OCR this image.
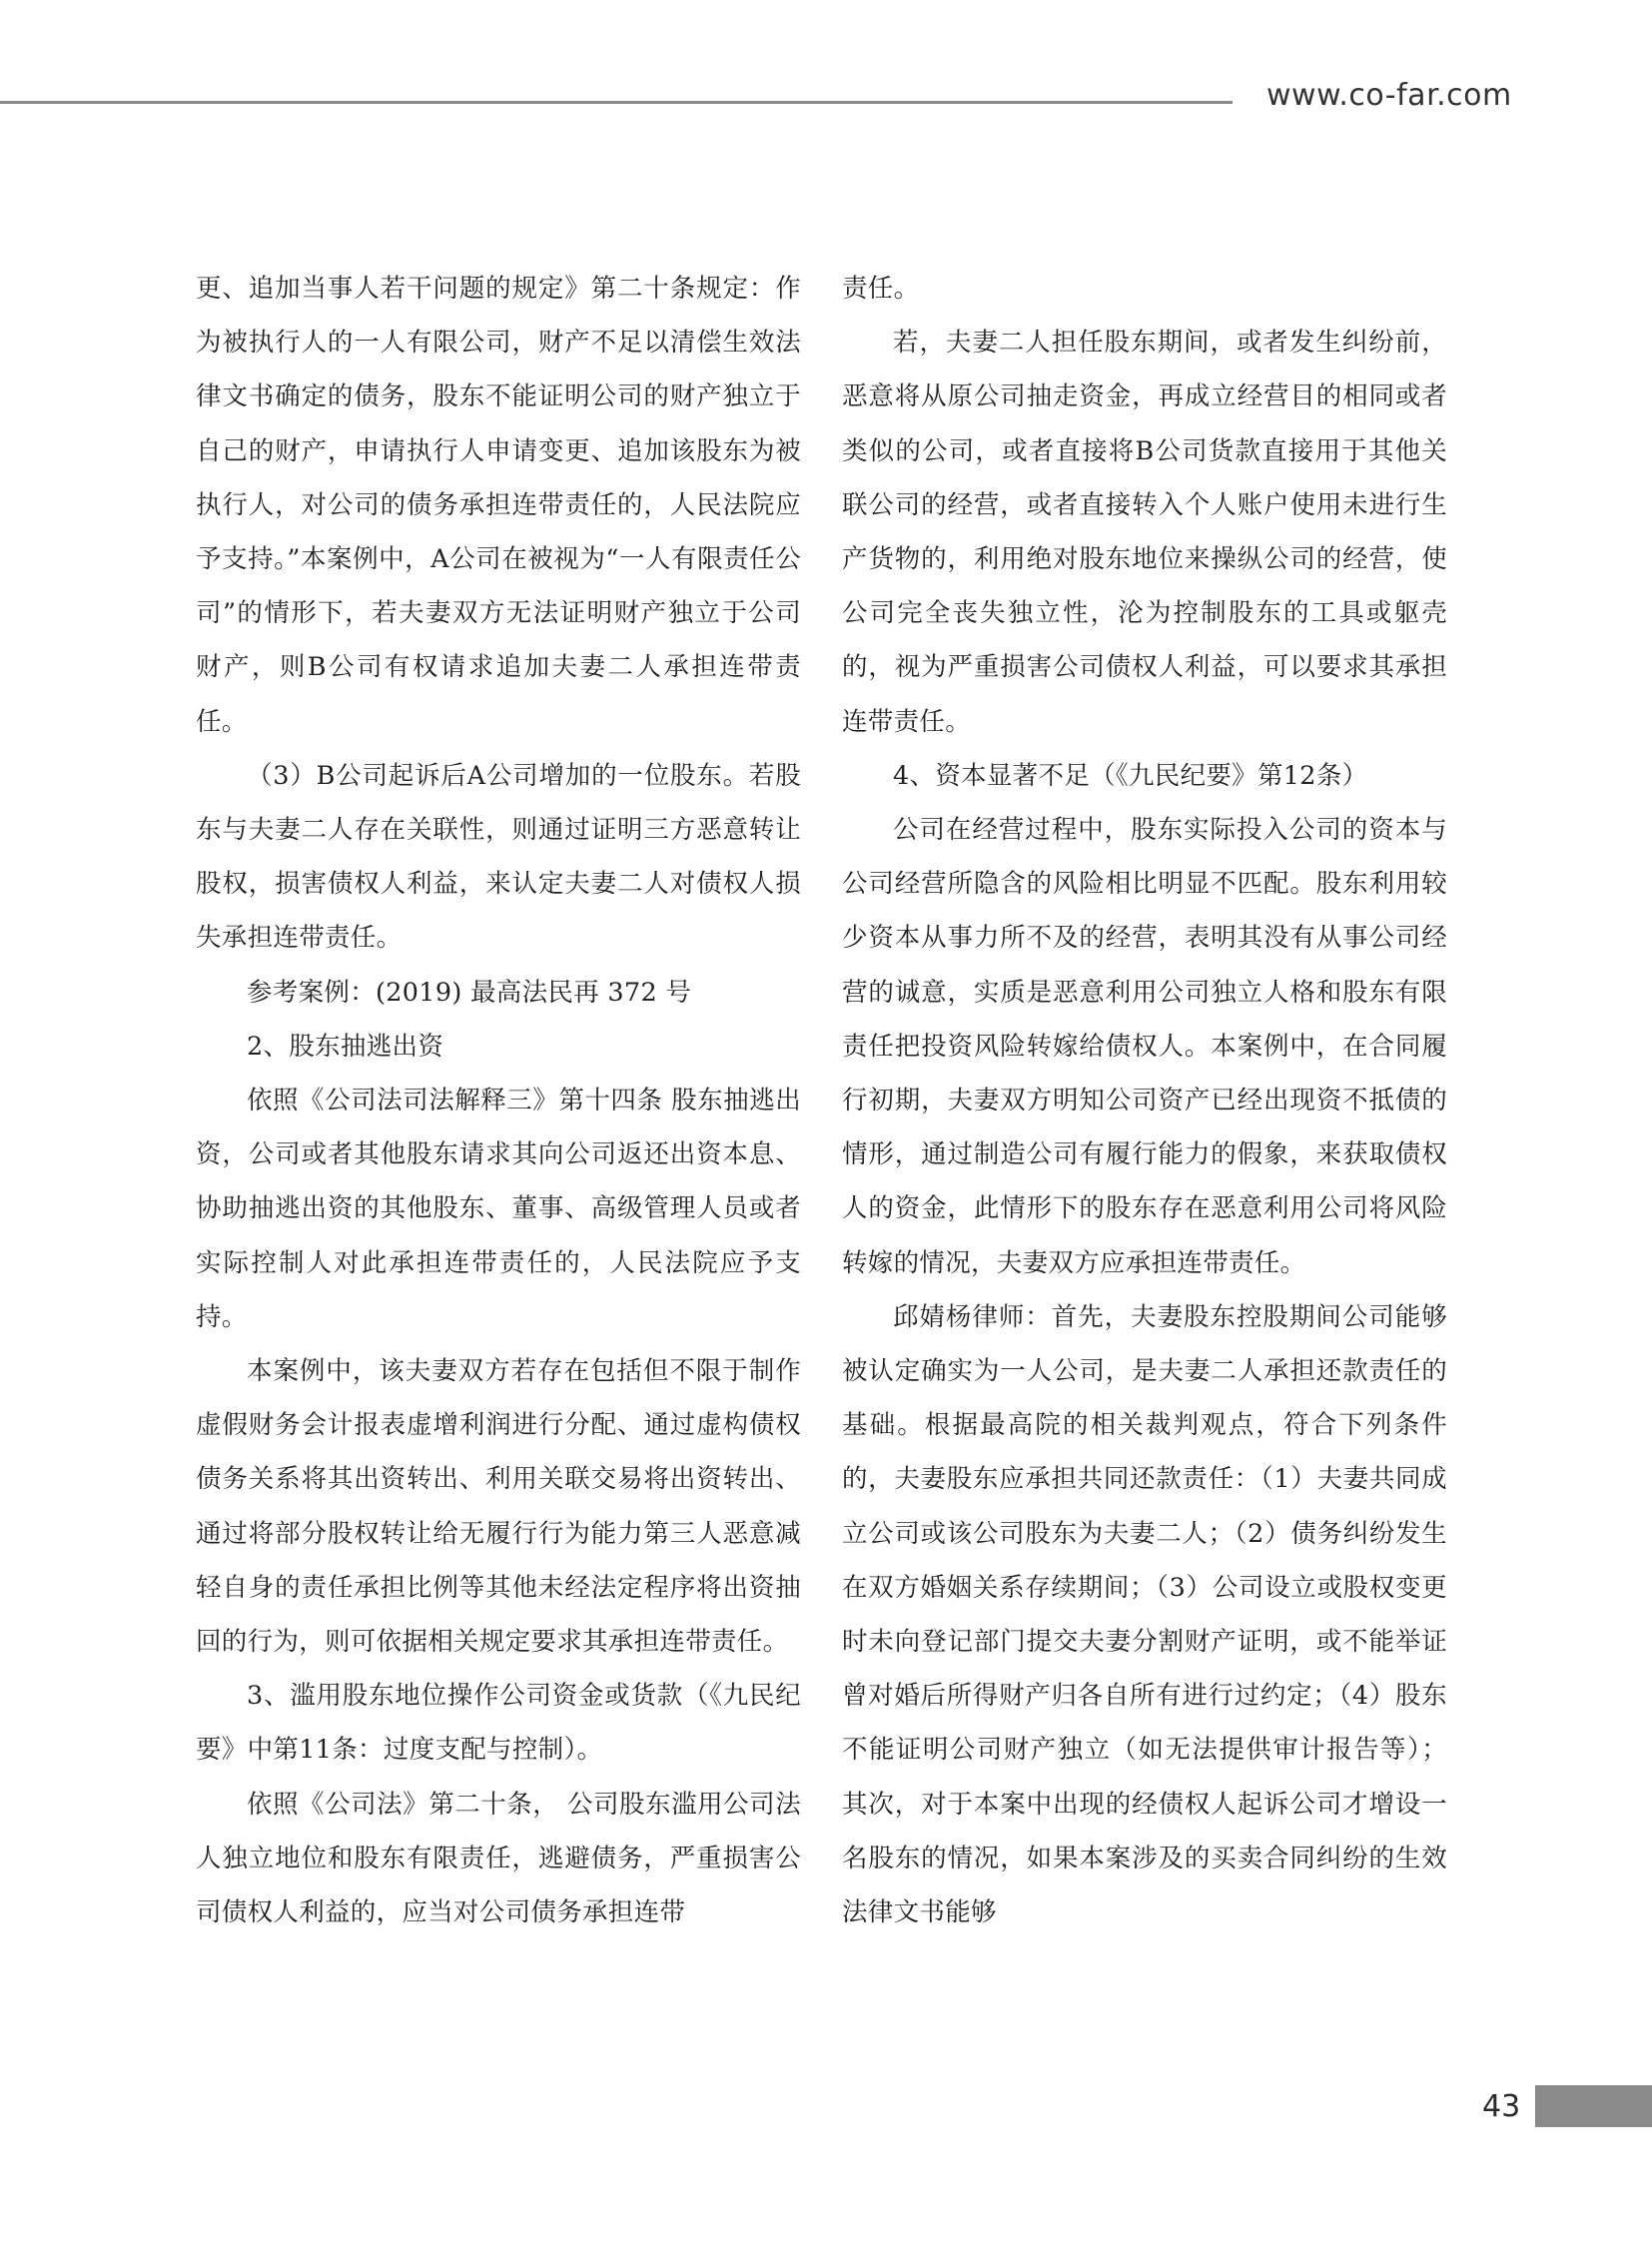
www.co-far.com

更、追加当事人若干问题的规定》第二十条规定：作为被执行人的一人有限公司，财产不足以清偿生效法律文书确定的债务，股东不能证明公司的财产独立于自己的财产，申请执行人申请变更、追加该股东为被执行人，对公司的债务承担连带责任的，人民法院应予支持。”本案例中，A公司在被视为“一人有限责任公司”的情形下，若夫妻双方无法证明财产独立于公司财产，则B公司有权请求追加夫妻二人承担连带责任。

（3）B公司起诉后A公司增加的一位股东。若股东与夫妻二人存在关联性，则通过证明三方恶意转让股权，损害债权人利益，来认定夫妻二人对债权人损失承担连带责任。

参考案例：(2019) 最高法民再 372 号

2、股东抽逃出资

依照《公司法司法解释三》第十四条 股东抽逃出资，公司或者其他股东请求其向公司返还出资本息、协助抽逃出资的其他股东、董事、高级管理人员或者实际控制人对此承担连带责任的，人民法院应予支持。

本案例中，该夫妻双方若存在包括但不限于制作虚假财务会计报表虚增利润进行分配、通过虚构债权债务关系将其出资转出、利用关联交易将出资转出、通过将部分股权转让给无履行行为能力第三人恶意减轻自身的责任承担比例等其他未经法定程序将出资抽回的行为，则可依据相关规定要求其承担连带责任。

3、滥用股东地位操作公司资金或货款（《九民纪要》中第11条：过度支配与控制）。

依照《公司法》第二十条， 公司股东滥用公司法人独立地位和股东有限责任，逃避债务，严重损害公司债权人利益的，应当对公司债务承担连带

责任。

若，夫妻二人担任股东期间，或者发生纠纷前，恶意将从原公司抽走资金，再成立经营目的相同或者类似的公司，或者直接将B公司货款直接用于其他关联公司的经营，或者直接转入个人账户使用未进行生产货物的，利用绝对股东地位来操纵公司的经营，使公司完全丧失独立性，沦为控制股东的工具或躯壳的，视为严重损害公司债权人利益，可以要求其承担连带责任。

4、资本显著不足（《九民纪要》第12条）

公司在经营过程中，股东实际投入公司的资本与公司经营所隐含的风险相比明显不匹配。股东利用较少资本从事力所不及的经营，表明其没有从事公司经营的诚意，实质是恶意利用公司独立人格和股东有限责任把投资风险转嫁给债权人。本案例中，在合同履行初期，夫妻双方明知公司资产已经出现资不抵债的情形，通过制造公司有履行能力的假象，来获取债权人的资金，此情形下的股东存在恶意利用公司将风险转嫁的情况，夫妻双方应承担连带责任。

邱婧杨律师：首先，夫妻股东控股期间公司能够被认定确实为一人公司，是夫妻二人承担还款责任的基础。根据最高院的相关裁判观点，符合下列条件的，夫妻股东应承担共同还款责任：（1）夫妻共同成立公司或该公司股东为夫妻二人；（2）债务纠纷发生在双方婚姻关系存续期间；（3）公司设立或股权变更时未向登记部门提交夫妻分割财产证明，或不能举证曾对婚后所得财产归各自所有进行过约定；（4）股东不能证明公司财产独立（如无法提供审计报告等）；其次，对于本案中出现的经债权人起诉公司才增设一名股东的情况，如果本案涉及的买卖合同纠纷的生效法律文书能够

43
